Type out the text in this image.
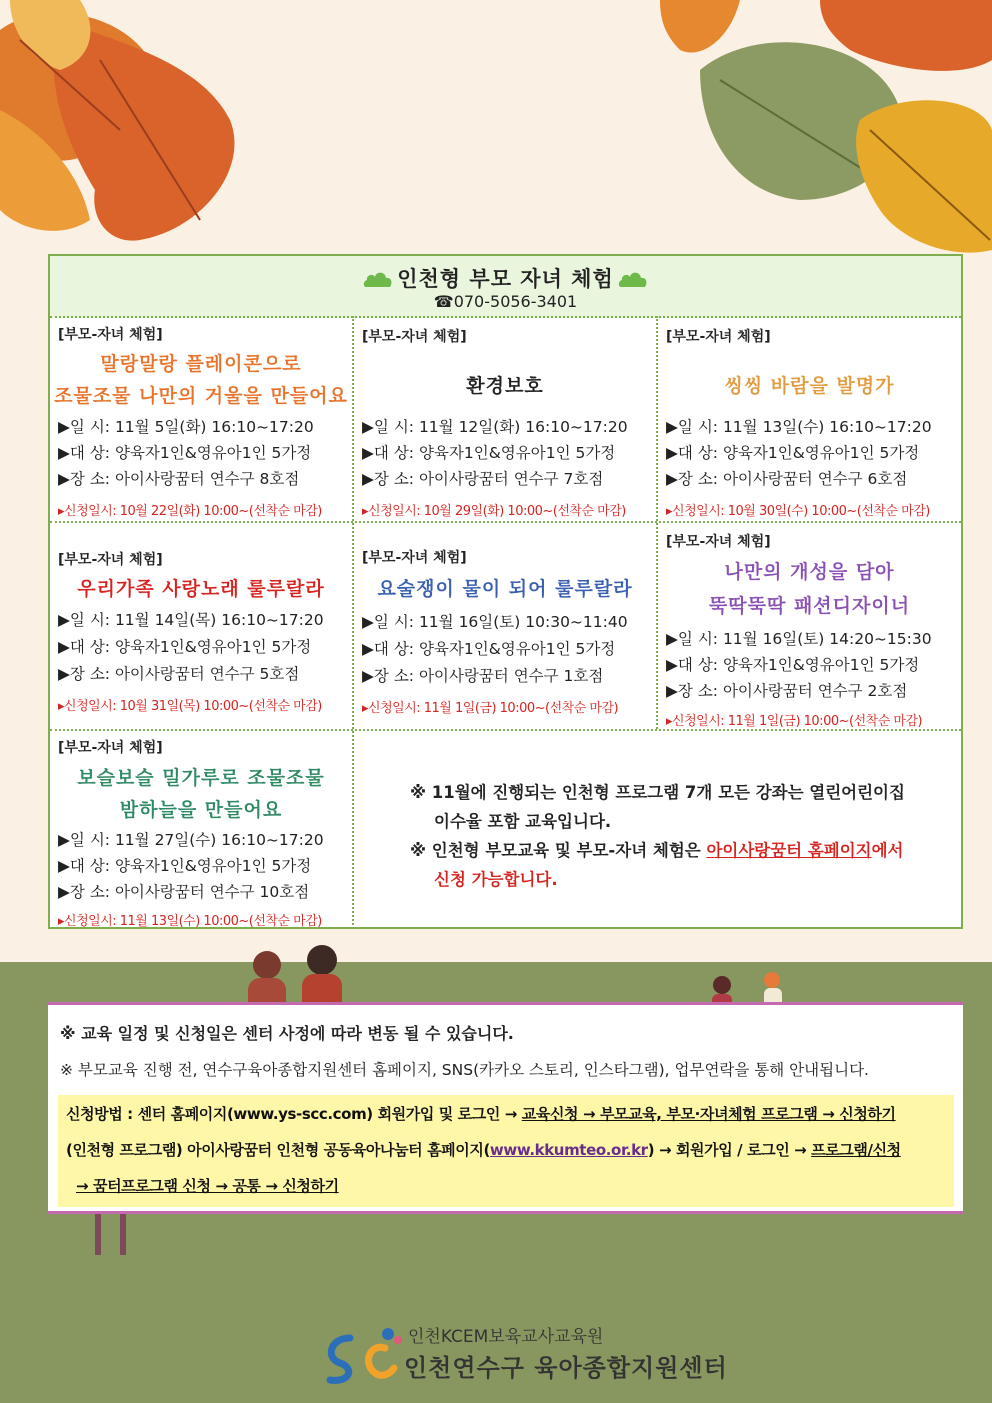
인천형 부모 자녀 체험
☎070-5056-3401
[부모-자녀 체험]
말랑말랑 플레이콘으로
조물조물 나만의 거울을 만들어요
▶일 시: 11월 5일(화) 16:10~17:20
▶대 상: 양육자1인&영유아1인 5가정
▶장 소: 아이사랑꿈터 연수구 8호점
▸신청일시: 10월 22일(화) 10:00~(선착순 마감)
[부모-자녀 체험]
환경보호
▶일 시: 11월 12일(화) 16:10~17:20
▶대 상: 양육자1인&영유아1인 5가정
▶장 소: 아이사랑꿈터 연수구 7호점
▸신청일시: 10월 29일(화) 10:00~(선착순 마감)
[부모-자녀 체험]
씽씽 바람을 발명가
▶일 시: 11월 13일(수) 16:10~17:20
▶대 상: 양육자1인&영유아1인 5가정
▶장 소: 아이사랑꿈터 연수구 6호점
▸신청일시: 10월 30일(수) 10:00~(선착순 마감)
[부모-자녀 체험]
우리가족 사랑노래 룰루랄라
▶일 시: 11월 14일(목) 16:10~17:20
▶대 상: 양육자1인&영유아1인 5가정
▶장 소: 아이사랑꿈터 연수구 5호점
▸신청일시: 10월 31일(목) 10:00~(선착순 마감)
[부모-자녀 체험]
요술쟁이 물이 되어 룰루랄라
▶일 시: 11월 16일(토) 10:30~11:40
▶대 상: 양육자1인&영유아1인 5가정
▶장 소: 아이사랑꿈터 연수구 1호점
▸신청일시: 11월 1일(금) 10:00~(선착순 마감)
[부모-자녀 체험]
나만의 개성을 담아
뚝딱뚝딱 패션디자이너
▶일 시: 11월 16일(토) 14:20~15:30
▶대 상: 양육자1인&영유아1인 5가정
▶장 소: 아이사랑꿈터 연수구 2호점
▸신청일시: 11월 1일(금) 10:00~(선착순 마감)
[부모-자녀 체험]
보슬보슬 밀가루로 조물조물
밤하늘을 만들어요
▶일 시: 11월 27일(수) 16:10~17:20
▶대 상: 양육자1인&영유아1인 5가정
▶장 소: 아이사랑꿈터 연수구 10호점
▸신청일시: 11월 13일(수) 10:00~(선착순 마감)
※ 11월에 진행되는 인천형 프로그램 7개 모든 강좌는 열린어린이집
이수율 포함 교육입니다.
※ 인천형 부모교육 및 부모-자녀 체험은 아이사랑꿈터 홈페이지에서
신청 가능합니다.
※ 교육 일정 및 신청일은 센터 사정에 따라 변동 될 수 있습니다.
※ 부모교육 진행 전, 연수구육아종합지원센터 홈페이지, SNS(카카오 스토리, 인스타그램), 업무연락을 통해 안내됩니다.
신청방법 : 센터 홈페이지(www.ys-scc.com) 회원가입 및 로그인 → 교육신청 → 부모교육, 부모·자녀체험 프로그램 → 신청하기
(인천형 프로그램) 아이사랑꿈터 인천형 공동육아나눔터 홈페이지(www.kkumteo.or.kr) → 회원가입 / 로그인 → 프로그램/신청
→ 꿈터프로그램 신청 → 공통 → 신청하기
인천KCEM보육교사교육원
인천연수구 육아종합지원센터
